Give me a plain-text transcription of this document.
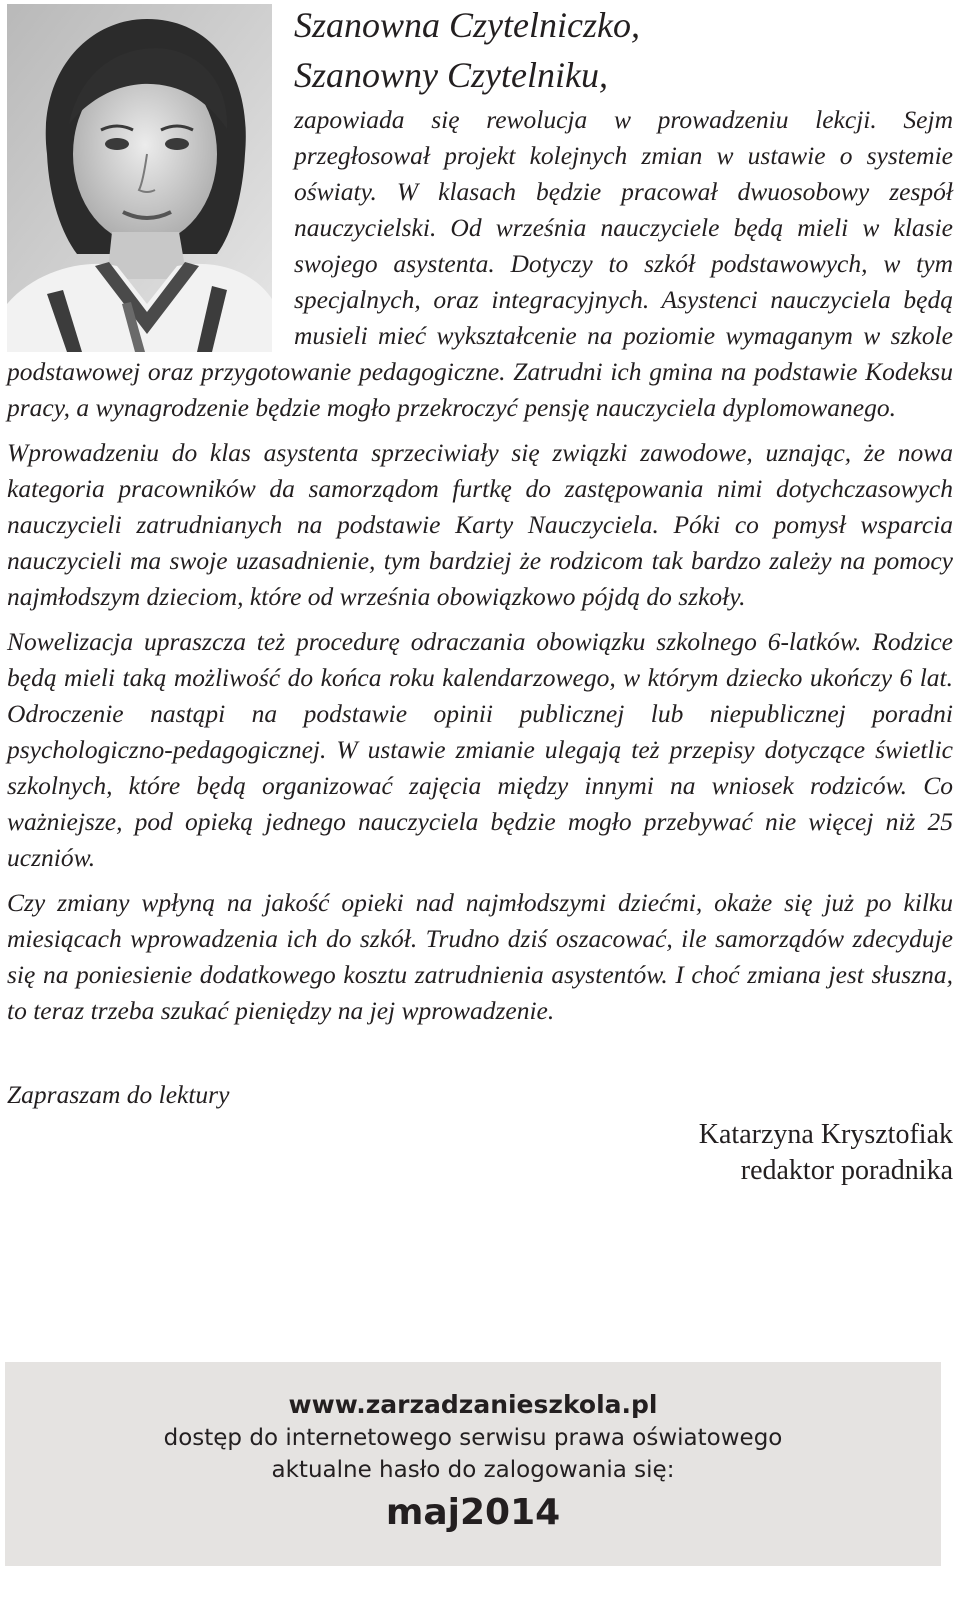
Szanowna Czytelniczko,
Szanowny Czytelniku,

zapowiada się rewolucja w prowadzeniu lekcji. Sejm przegłosował projekt kolejnych zmian w ustawie o systemie oświaty. W klasach będzie pracował dwuosobowy zespół nauczycielski. Od września nauczyciele będą mieli w klasie swojego asystenta. Dotyczy to szkół podstawowych, w tym specjalnych, oraz integracyjnych. Asystenci nauczyciela będą musieli mieć wykształcenie na poziomie wymaganym w szkole podstawowej oraz przygotowanie pedagogiczne. Zatrudni ich gmina na podstawie Kodeksu pracy, a wynagrodzenie będzie mogło przekroczyć pensję nauczyciela dyplomowanego.

Wprowadzeniu do klas asystenta sprzeciwiały się związki zawodowe, uznając, że nowa kategoria pracowników da samorządom furtkę do zastępowania nimi dotychczasowych nauczycieli zatrudnianych na podstawie Karty Nauczyciela. Póki co pomysł wsparcia nauczycieli ma swoje uzasadnienie, tym bardziej że rodzicom tak bardzo zależy na pomocy najmłodszym dzieciom, które od września obowiązkowo pójdą do szkoły.

Nowelizacja upraszcza też procedurę odraczania obowiązku szkolnego 6-latków. Rodzice będą mieli taką możliwość do końca roku kalendarzowego, w którym dziecko ukończy 6 lat. Odroczenie nastąpi na podstawie opinii publicznej lub niepublicznej poradni psychologiczno-pedagogicznej. W ustawie zmianie ulegają też przepisy dotyczące świetlic szkolnych, które będą organizować zajęcia między innymi na wniosek rodziców. Co ważniejsze, pod opieką jednego nauczyciela będzie mogło przebywać nie więcej niż 25 uczniów.

Czy zmiany wpłyną na jakość opieki nad najmłodszymi dziećmi, okaże się już po kilku miesiącach wprowadzenia ich do szkół. Trudno dziś oszacować, ile samorządów zdecyduje się na poniesienie dodatkowego kosztu zatrudnienia asystentów. I choć zmiana jest słuszna, to teraz trzeba szukać pieniędzy na jej wprowadzenie.

Zapraszam do lektury
Katarzyna Krysztofiak
redaktor poradnika
www.zarzadzanieszkola.pl
dostęp do internetowego serwisu prawa oświatowego
aktualne hasło do zalogowania się:
maj2014
